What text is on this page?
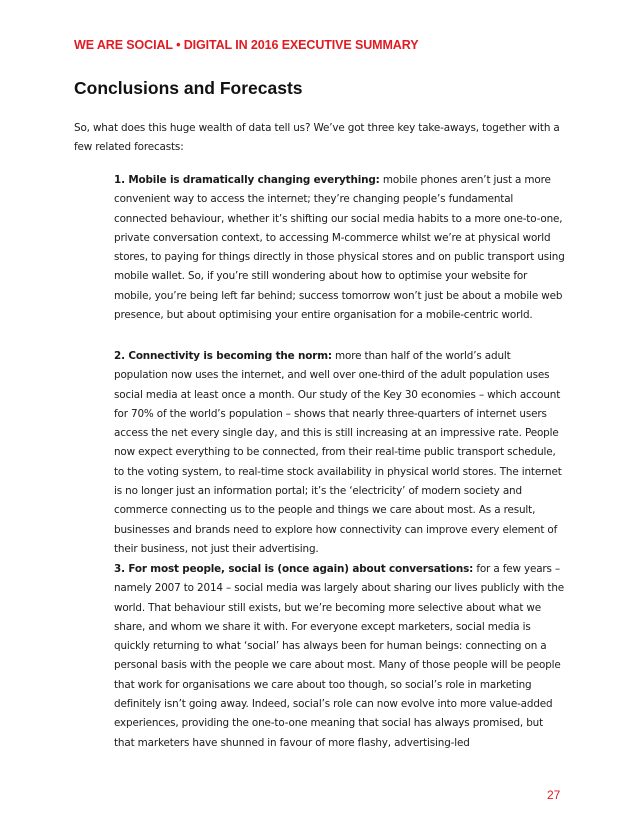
WE ARE SOCIAL • DIGITAL IN 2016 EXECUTIVE SUMMARY
Conclusions and Forecasts

So, what does this huge wealth of data tell us? We’ve got three key take-aways, together with a few related forecasts:

1. Mobile is dramatically changing everything: mobile phones aren’t just a more convenient way to access the internet; they’re changing people’s fundamental connected behaviour, whether it’s shifting our social media habits to a more one-to-one, private conversation context, to accessing M-commerce whilst we’re at physical world stores, to paying for things directly in those physical stores and on public transport using mobile wallet. So, if you’re still wondering about how to optimise your website for mobile, you’re being left far behind; success tomorrow won’t just be about a mobile web presence, but about optimising your entire organisation for a mobile-centric world.

2. Connectivity is becoming the norm: more than half of the world’s adult population now uses the internet, and well over one-third of the adult population uses social media at least once a month. Our study of the Key 30 economies – which account for 70% of the world’s population – shows that nearly three-quarters of internet users access the net every single day, and this is still increasing at an impressive rate. People now expect everything to be connected, from their real-time public transport schedule, to the voting system, to real-time stock availability in physical world stores. The internet is no longer just an information portal; it’s the ‘electricity’ of modern society and commerce connecting us to the people and things we care about most. As a result, businesses and brands need to explore how connectivity can improve every element of their business, not just their advertising.

3. For most people, social is (once again) about conversations: for a few years – namely 2007 to 2014 – social media was largely about sharing our lives publicly with the world. That behaviour still exists, but we’re becoming more selective about what we share, and whom we share it with. For everyone except marketers, social media is quickly returning to what ‘social’ has always been for human beings: connecting on a personal basis with the people we care about most. Many of those people will be people that work for organisations we care about too though, so social’s role in marketing definitely isn’t going away. Indeed, social’s role can now evolve into more value-added experiences, providing the one-to-one meaning that social has always promised, but that marketers have shunned in favour of more flashy, advertising-led

27
